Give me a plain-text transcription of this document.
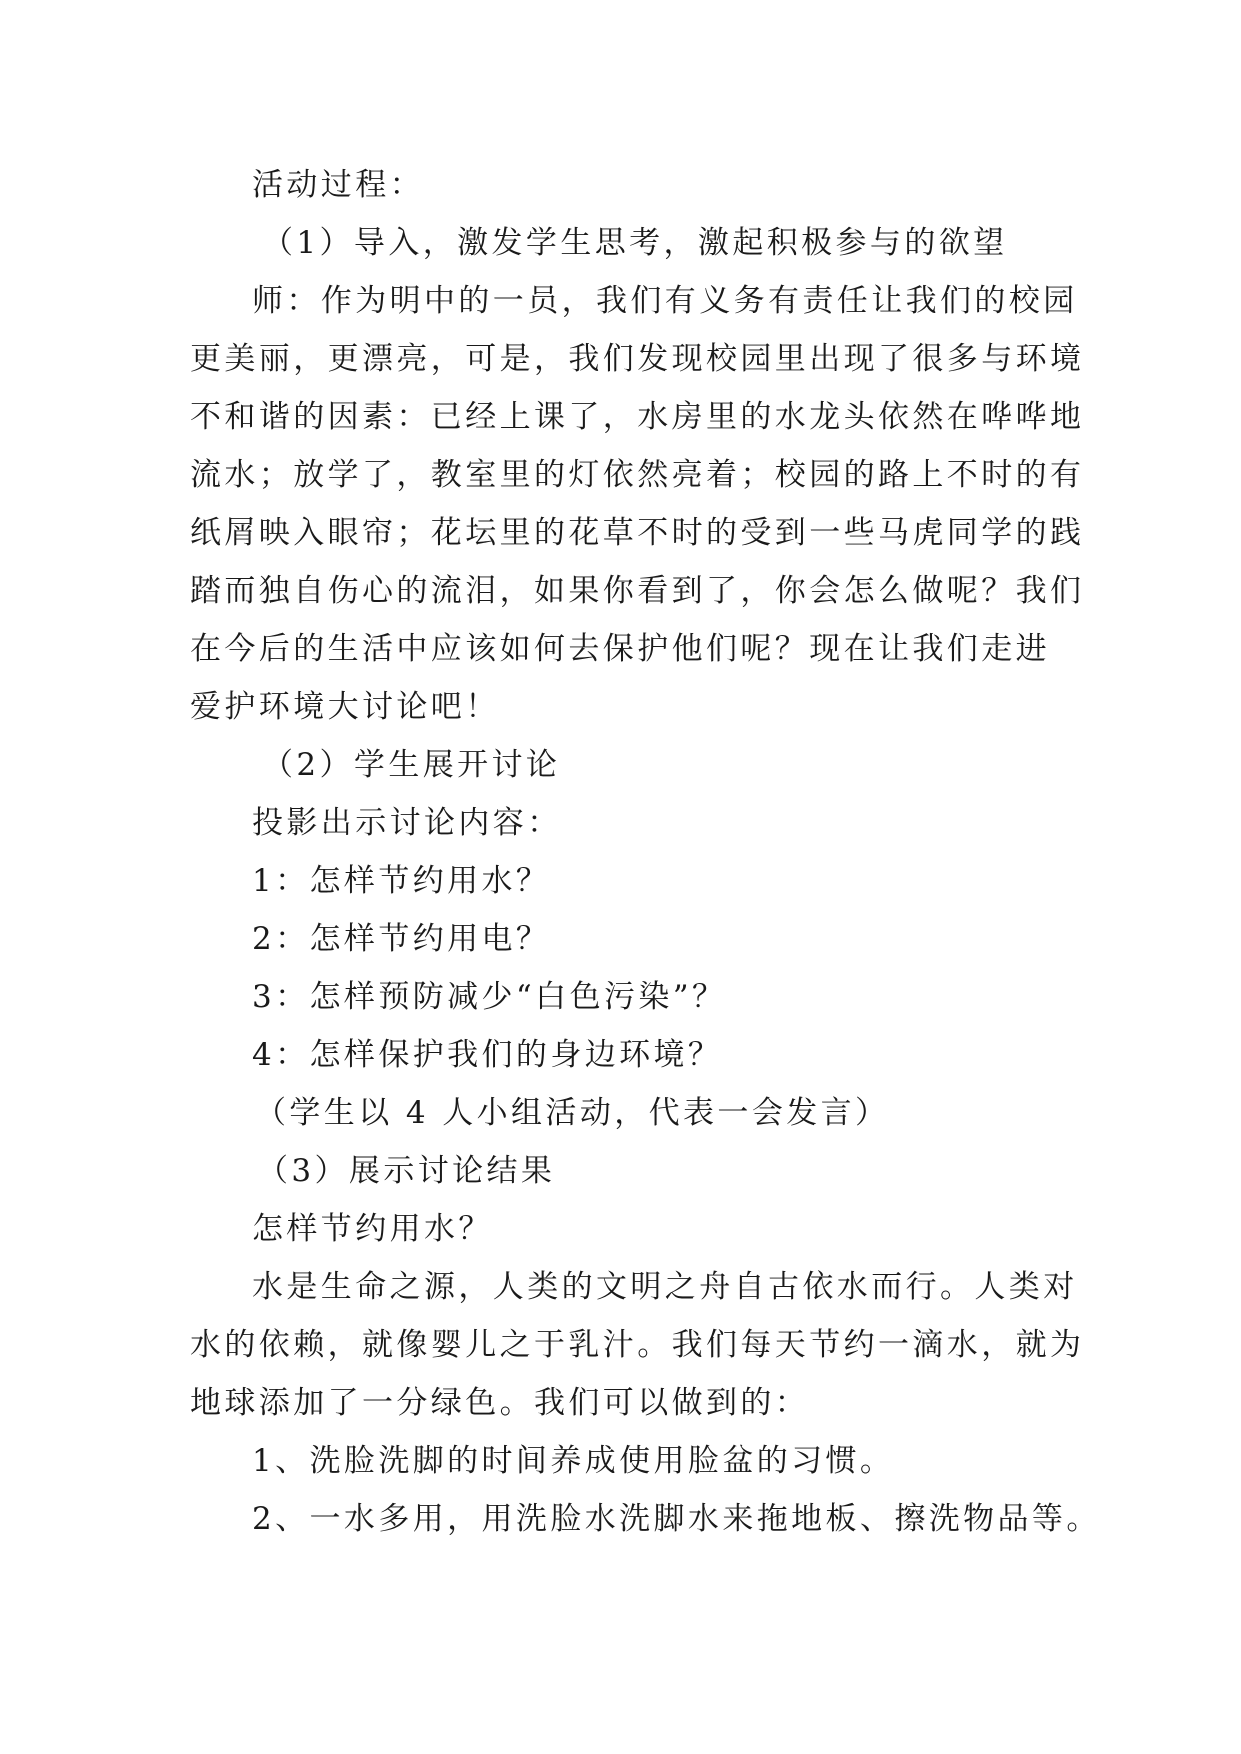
活动过程：
（1）导入，激发学生思考，激起积极参与的欲望
师：作为明中的一员，我们有义务有责任让我们的校园
更美丽，更漂亮，可是，我们发现校园里出现了很多与环境
不和谐的因素：已经上课了，水房里的水龙头依然在哗哗地
流水；放学了，教室里的灯依然亮着；校园的路上不时的有
纸屑映入眼帘；花坛里的花草不时的受到一些马虎同学的践
踏而独自伤心的流泪，如果你看到了，你会怎么做呢？我们
在今后的生活中应该如何去保护他们呢？现在让我们走进
爱护环境大讨论吧！
（2）学生展开讨论
投影出示讨论内容：
1：怎样节约用水？
2：怎样节约用电？
3：怎样预防减少“白色污染”？
4：怎样保护我们的身边环境？
（学生以 4 人小组活动，代表一会发言）
（3）展示讨论结果
怎样节约用水？
水是生命之源，人类的文明之舟自古依水而行。人类对
水的依赖，就像婴儿之于乳汁。我们每天节约一滴水，就为
地球添加了一分绿色。我们可以做到的：
1、洗脸洗脚的时间养成使用脸盆的习惯。
2、一水多用，用洗脸水洗脚水来拖地板、擦洗物品等。
